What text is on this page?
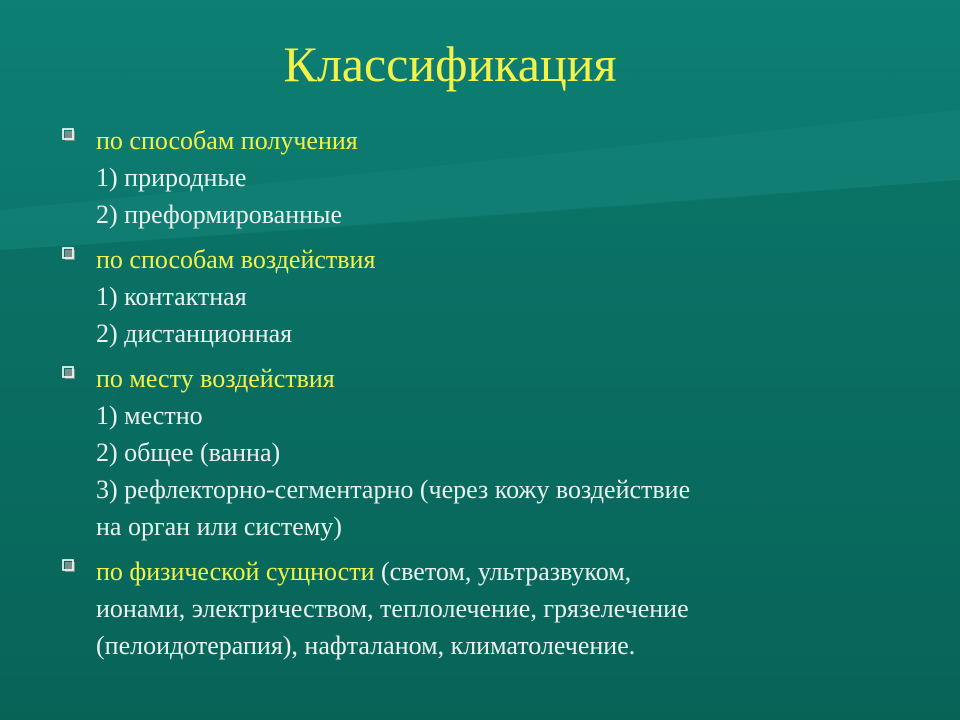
Классификация
по способам получения
1) природные
2) преформированные
по способам воздействия
1) контактная
2) дистанционная
по месту воздействия
1) местно
2) общее (ванна)
3) рефлекторно-сегментарно (через кожу воздействие
на орган или систему)
по физической сущности (светом, ультразвуком,
ионами, электричеством, теплолечение, грязелечение
(пелоидотерапия), нафталаном, климатолечение.
